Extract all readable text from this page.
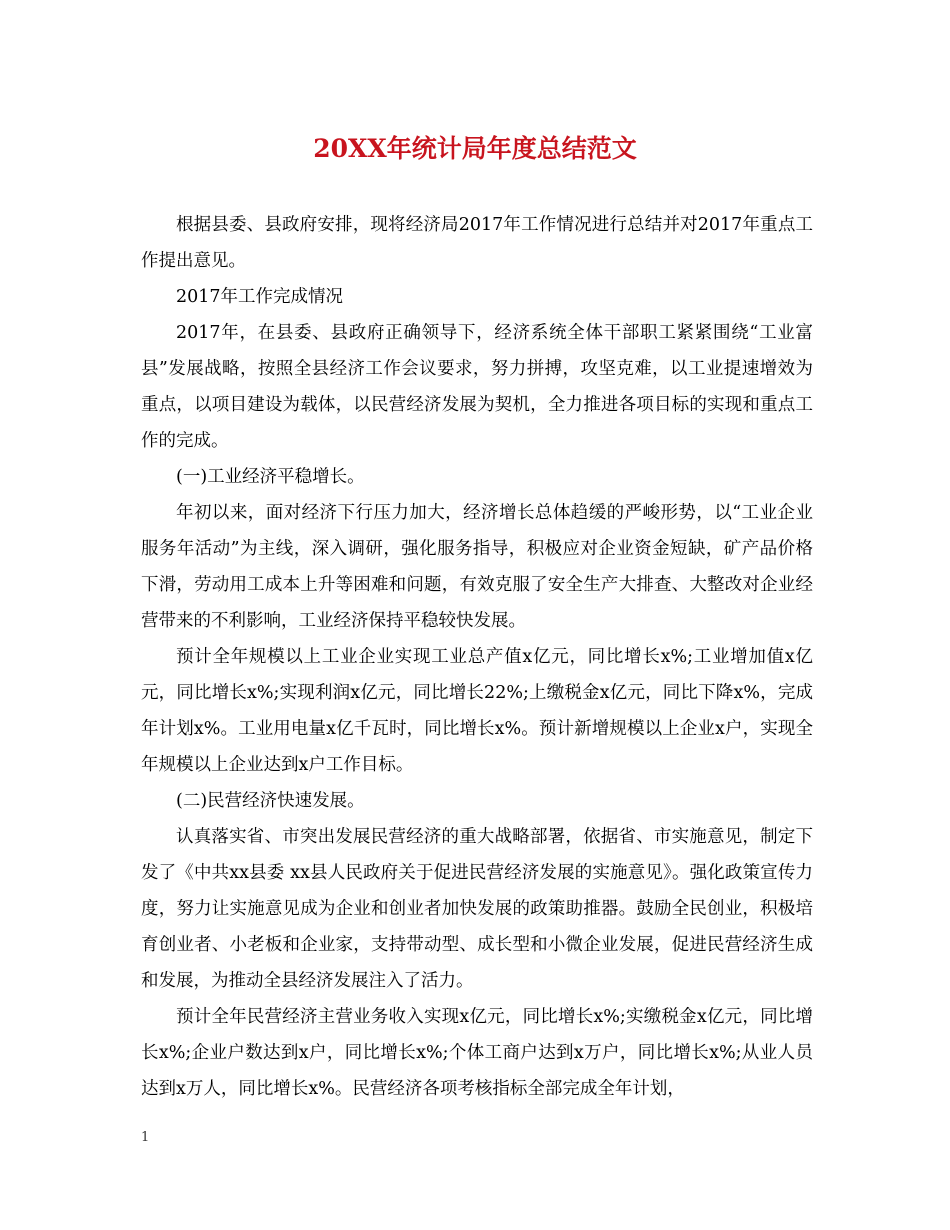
20XX年统计局年度总结范文

根据县委、县政府安排，现将经济局2017年工作情况进行总结并对2017年重点工作提出意见。

2017年工作完成情况

2017年，在县委、县政府正确领导下，经济系统全体干部职工紧紧围绕“工业富县”发展战略，按照全县经济工作会议要求，努力拼搏，攻坚克难，以工业提速增效为重点，以项目建设为载体，以民营经济发展为契机，全力推进各项目标的实现和重点工作的完成。

(一)工业经济平稳增长。

年初以来，面对经济下行压力加大，经济增长总体趋缓的严峻形势，以“工业企业服务年活动”为主线，深入调研，强化服务指导，积极应对企业资金短缺，矿产品价格下滑，劳动用工成本上升等困难和问题，有效克服了安全生产大排查、大整改对企业经营带来的不利影响，工业经济保持平稳较快发展。

预计全年规模以上工业企业实现工业总产值x亿元，同比增长x%;工业增加值x亿元，同比增长x%;实现利润x亿元，同比增长22%;上缴税金x亿元，同比下降x%，完成年计划x%。工业用电量x亿千瓦时，同比增长x%。预计新增规模以上企业x户，实现全年规模以上企业达到x户工作目标。

(二)民营经济快速发展。

认真落实省、市突出发展民营经济的重大战略部署，依据省、市实施意见，制定下发了《中共xx县委 xx县人民政府关于促进民营经济发展的实施意见》。强化政策宣传力度，努力让实施意见成为企业和创业者加快发展的政策助推器。鼓励全民创业，积极培育创业者、小老板和企业家，支持带动型、成长型和小微企业发展，促进民营经济生成和发展，为推动全县经济发展注入了活力。

预计全年民营经济主营业务收入实现x亿元，同比增长x%;实缴税金x亿元，同比增长x%;企业户数达到x户，同比增长x%;个体工商户达到x万户，同比增长x%;从业人员达到x万人，同比增长x%。民营经济各项考核指标全部完成全年计划，

1
